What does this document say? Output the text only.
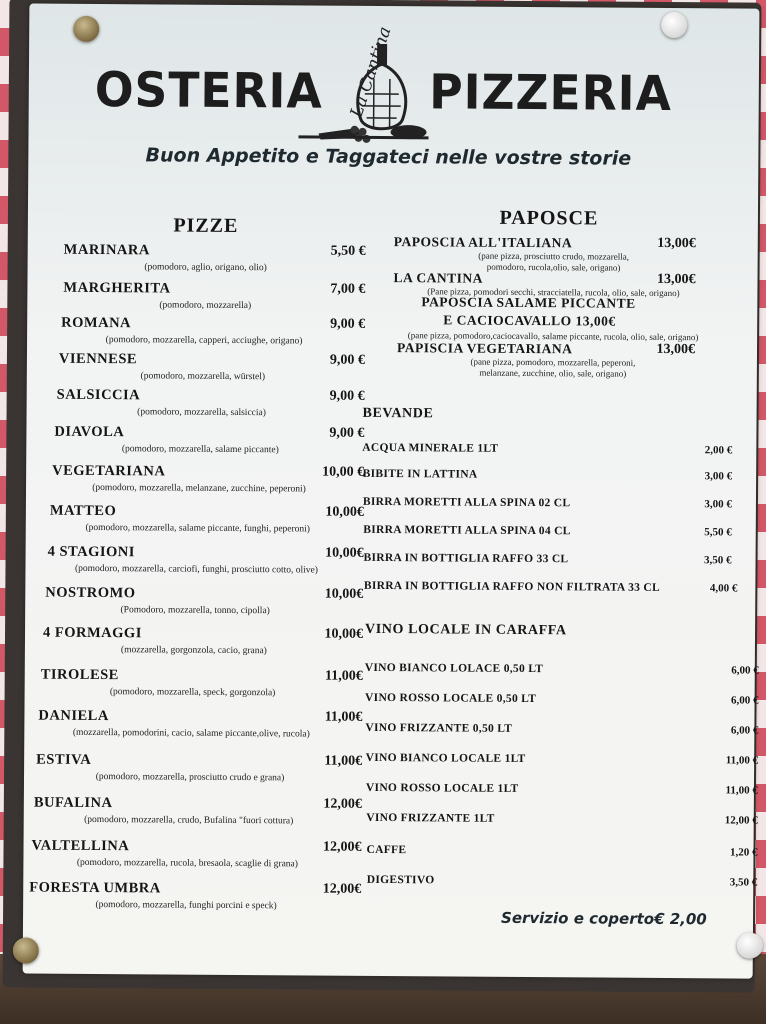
OSTERIA La Cantina PIZZERIA
Buon Appetito e Taggateci nelle vostre storie
PIZZE
MARINARA	5,50 €
(pomodoro, aglio, origano, olio)
MARGHERITA	7,00 €
(pomodoro, mozzarella)
ROMANA	9,00 €
(pomodoro, mozzarella, capperi, acciughe, origano)
VIENNESE	9,00 €
(pomodoro, mozzarella, würstel)
SALSICCIA	9,00 €
(pomodoro, mozzarella, salsiccia)
DIAVOLA	9,00 €
(pomodoro, mozzarella, salame piccante)
VEGETARIANA	10,00 €
(pomodoro, mozzarella, melanzane, zucchine, peperoni)
MATTEO	10,00€
(pomodoro, mozzarella, salame piccante, funghi, peperoni)
4 STAGIONI	10,00€
(pomodoro, mozzarella, carciofi, funghi, prosciutto cotto, olive)
NOSTROMO	10,00€
(Pomodoro, mozzarella, tonno, cipolla)
4 FORMAGGI	10,00€
(mozzarella, gorgonzola, cacio, grana)
TIROLESE	11,00€
(pomodoro, mozzarella, speck, gorgonzola)
DANIELA	11,00€
(mozzarella, pomodorini, cacio, salame piccante,olive, rucola)
ESTIVA	11,00€
(pomodoro, mozzarella, prosciutto crudo e grana)
BUFALINA	12,00€
(pomodoro, mozzarella, crudo, Bufalina "fuori cottura)
VALTELLINA	12,00€
(pomodoro, mozzarella, rucola, bresaola, scaglie di grana)
FORESTA UMBRA	12,00€
(pomodoro, mozzarella, funghi porcini e speck)
PAPOSCE
PAPOSCIA ALL'ITALIANA	13,00€
(pane pizza, prosciutto crudo, mozzarella,
pomodoro, rucola,olio, sale, origano)
LA CANTINA	13,00€
(Pane pizza, pomodori secchi, stracciatella, rucola, olio, sale, origano)
PAPOSCIA SALAME PICCANTE
E CACIOCAVALLO 13,00€
(pane pizza, pomodoro,caciocavallo, salame piccante, rucola, olio, sale, origano)
PAPISCIA VEGETARIANA	13,00€
(pane pizza, pomodoro, mozzarella, peperoni,
melanzane, zucchine, olio, sale, origano)
BEVANDE
ACQUA MINERALE 1LT	2,00 €
BIBITE IN LATTINA	3,00 €
BIRRA MORETTI ALLA SPINA 02 CL	3,00 €
BIRRA MORETTI ALLA SPINA 04 CL	5,50 €
BIRRA IN BOTTIGLIA RAFFO 33 CL	3,50 €
BIRRA IN BOTTIGLIA RAFFO NON FILTRATA 33 CL	4,00 €
VINO LOCALE IN CARAFFA
VINO BIANCO LOLACE 0,50 LT	6,00 €
VINO ROSSO LOCALE 0,50 LT	6,00 €
VINO FRIZZANTE 0,50 LT	6,00 €
VINO BIANCO LOCALE 1LT	11,00 €
VINO ROSSO LOCALE 1LT	11,00 €
VINO FRIZZANTE 1LT	12,00 €
CAFFE	1,20 €
DIGESTIVO	3,50 €
Servizio e coperto€ 2,00
